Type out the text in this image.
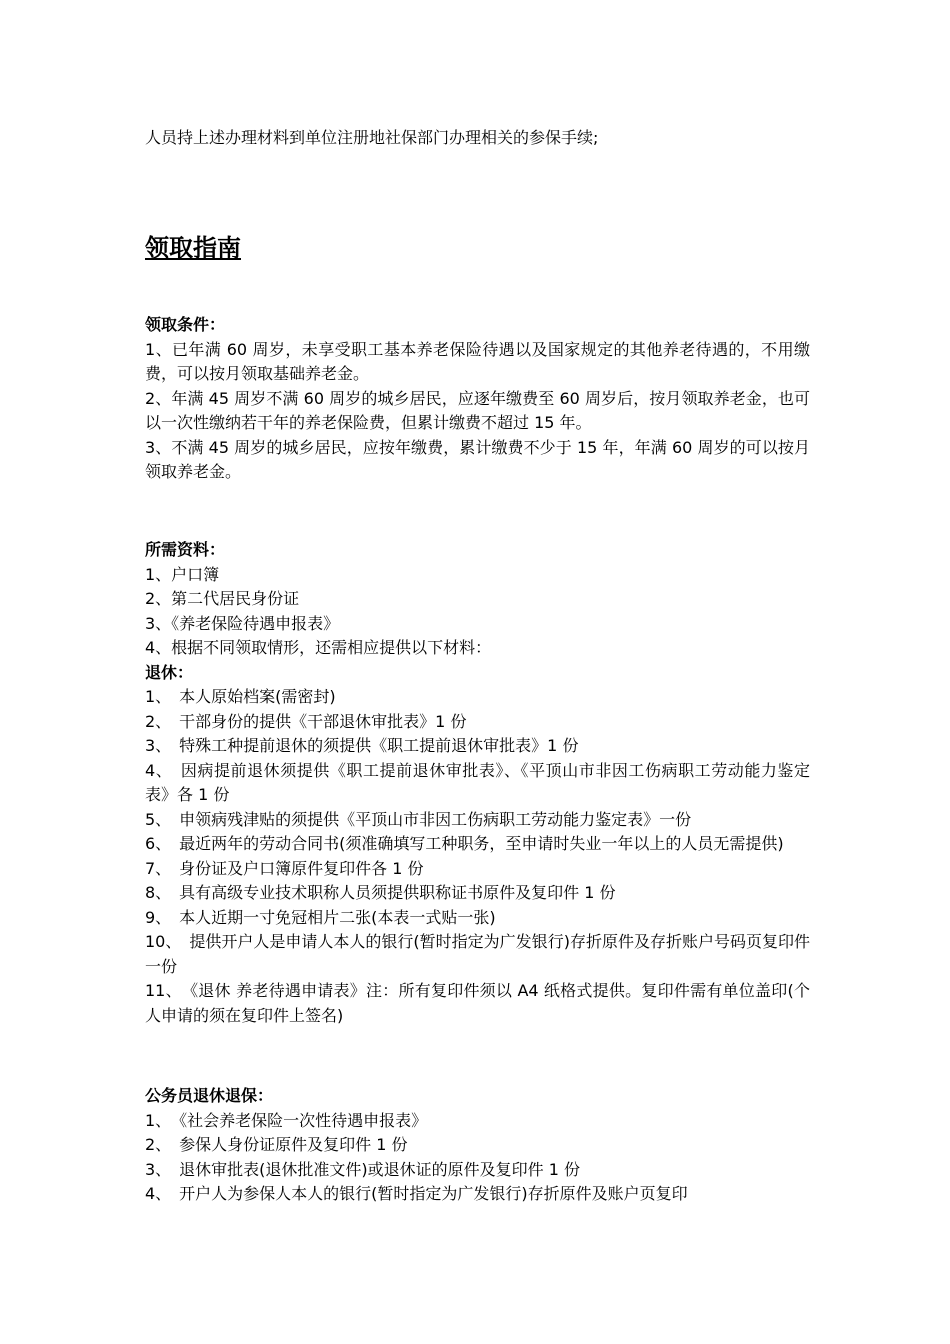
人员持上述办理材料到单位注册地社保部门办理相关的参保手续;

领取指南

领取条件：

1、已年满 60 周岁，未享受职工基本养老保险待遇以及国家规定的其他养老待遇的，不用缴费，可以按月领取基础养老金。
2、年满 45 周岁不满 60 周岁的城乡居民，应逐年缴费至 60 周岁后，按月领取养老金，也可以一次性缴纳若干年的养老保险费，但累计缴费不超过 15 年。
3、不满 45 周岁的城乡居民，应按年缴费，累计缴费不少于 15 年，年满 60 周岁的可以按月领取养老金。

所需资料：

1、户口簿
2、第二代居民身份证
3、《养老保险待遇申报表》
4、根据不同领取情形，还需相应提供以下材料：

退休：

1、　本人原始档案(需密封)
2、　干部身份的提供《干部退休审批表》1 份
3、　特殊工种提前退休的须提供《职工提前退休审批表》1 份
4、　因病提前退休须提供《职工提前退休审批表》、《平顶山市非因工伤病职工劳动能力鉴定表》各 1 份
5、　申领病残津贴的须提供《平顶山市非因工伤病职工劳动能力鉴定表》一份
6、　最近两年的劳动合同书(须准确填写工种职务，至申请时失业一年以上的人员无需提供)
7、　身份证及户口簿原件复印件各 1 份
8、　具有高级专业技术职称人员须提供职称证书原件及复印件 1 份
9、　本人近期一寸免冠相片二张(本表一式贴一张)
10、　提供开户人是申请人本人的银行(暂时指定为广发银行)存折原件及存折账户号码页复印件一份
11、　《退休 养老待遇申请表》注：所有复印件须以 A4 纸格式提供。复印件需有单位盖印(个人申请的须在复印件上签名)

公务员退休退保：

1、　《社会养老保险一次性待遇申报表》
2、　参保人身份证原件及复印件 1 份
3、　退休审批表(退休批准文件)或退休证的原件及复印件 1 份
4、　开户人为参保人本人的银行(暂时指定为广发银行)存折原件及账户页复印
